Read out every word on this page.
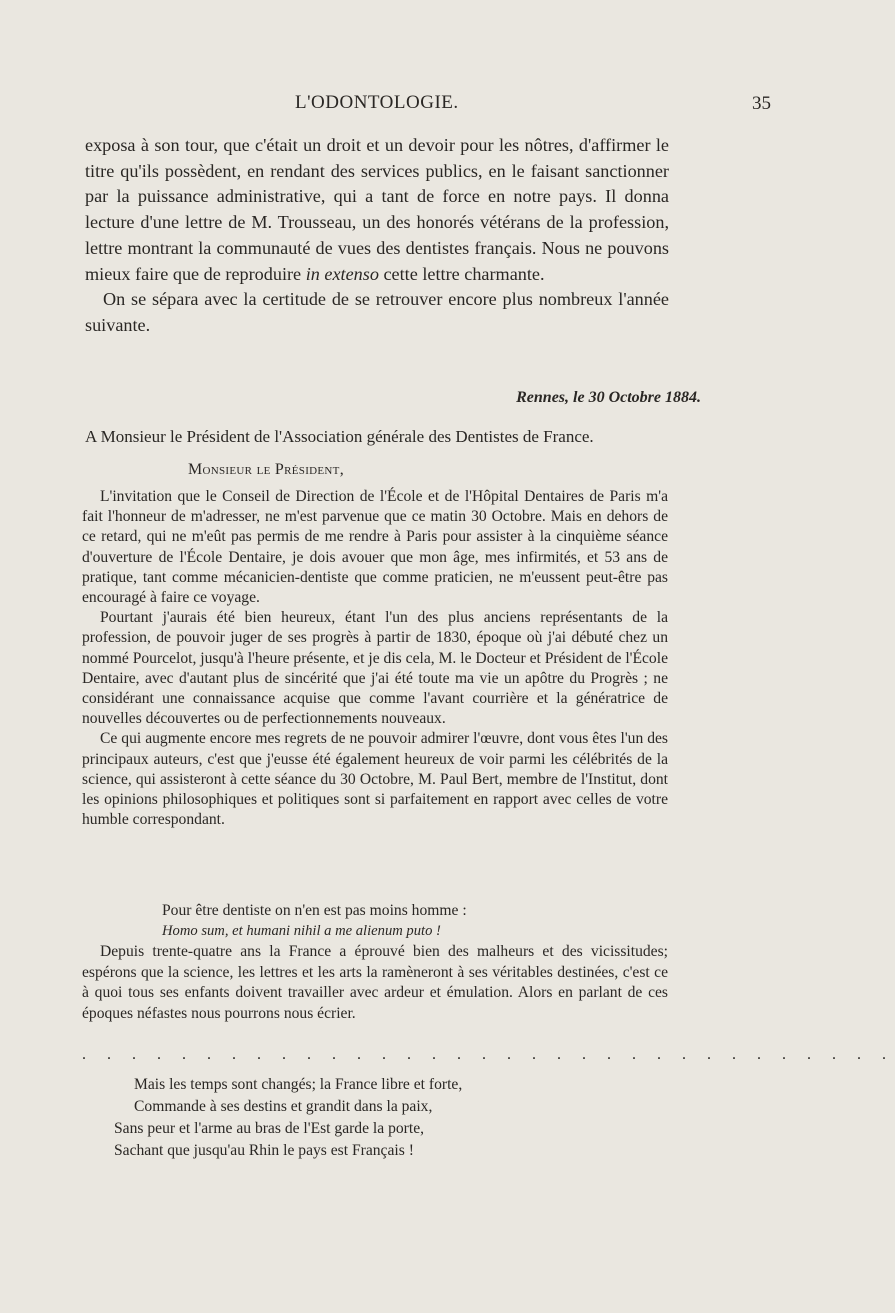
L'ODONTOLOGIE.	35

exposa à son tour, que c'était un droit et un devoir pour les nôtres, d'affirmer le titre qu'ils possèdent, en rendant des services publics, en le faisant sanctionner par la puissance administrative, qui a tant de force en notre pays. Il donna lecture d'une lettre de M. Trousseau, un des honorés vétérans de la profession, lettre montrant la communauté de vues des dentistes français. Nous ne pouvons mieux faire que de reproduire in extenso cette lettre charmante.

On se sépara avec la certitude de se retrouver encore plus nombreux l'année suivante.

Rennes, le 30 Octobre 1884.
A Monsieur le Président de l'Association générale des Dentistes de France.
Monsieur le Président,

L'invitation que le Conseil de Direction de l'École et de l'Hôpital Dentaires de Paris m'a fait l'honneur de m'adresser, ne m'est parvenue que ce matin 30 Octobre. Mais en dehors de ce retard, qui ne m'eût pas permis de me rendre à Paris pour assister à la cinquième séance d'ouverture de l'École Dentaire, je dois avouer que mon âge, mes infirmités, et 53 ans de pratique, tant comme mécanicien-dentiste que comme praticien, ne m'eussent peut-être pas encouragé à faire ce voyage.

Pourtant j'aurais été bien heureux, étant l'un des plus anciens représentants de la profession, de pouvoir juger de ses progrès à partir de 1830, époque où j'ai débuté chez un nommé Pourcelot, jusqu'à l'heure présente, et je dis cela, M. le Docteur et Président de l'École Dentaire, avec d'autant plus de sincérité que j'ai été toute ma vie un apôtre du Progrès ; ne considérant une connaissance acquise que comme l'avant courrière et la génératrice de nouvelles découvertes ou de perfectionnements nouveaux.

Ce qui augmente encore mes regrets de ne pouvoir admirer l'œuvre, dont vous êtes l'un des principaux auteurs, c'est que j'eusse été également heureux de voir parmi les célébrités de la science, qui assisteront à cette séance du 30 Octobre, M. Paul Bert, membre de l'Institut, dont les opinions philosophiques et politiques sont si parfaitement en rapport avec celles de votre humble correspondant.

Pour être dentiste on n'en est pas moins homme :
Homo sum, et humani nihil a me alienum puto !

Depuis trente-quatre ans la France a éprouvé bien des malheurs et des vicissitudes; espérons que la science, les lettres et les arts la ramèneront à ses véritables destinées, c'est ce à quoi tous ses enfants doivent travailler avec ardeur et émulation. Alors en parlant de ces époques néfastes nous pourrons nous écrier.

. . . . . . . . . . . . . . . . . . . . . . . . . . . . . . . . .
Mais les temps sont changés; la France libre et forte,
Commande à ses destins et grandit dans la paix,
Sans peur et l'arme au bras de l'Est garde la porte,
Sachant que jusqu'au Rhin le pays est Français !
